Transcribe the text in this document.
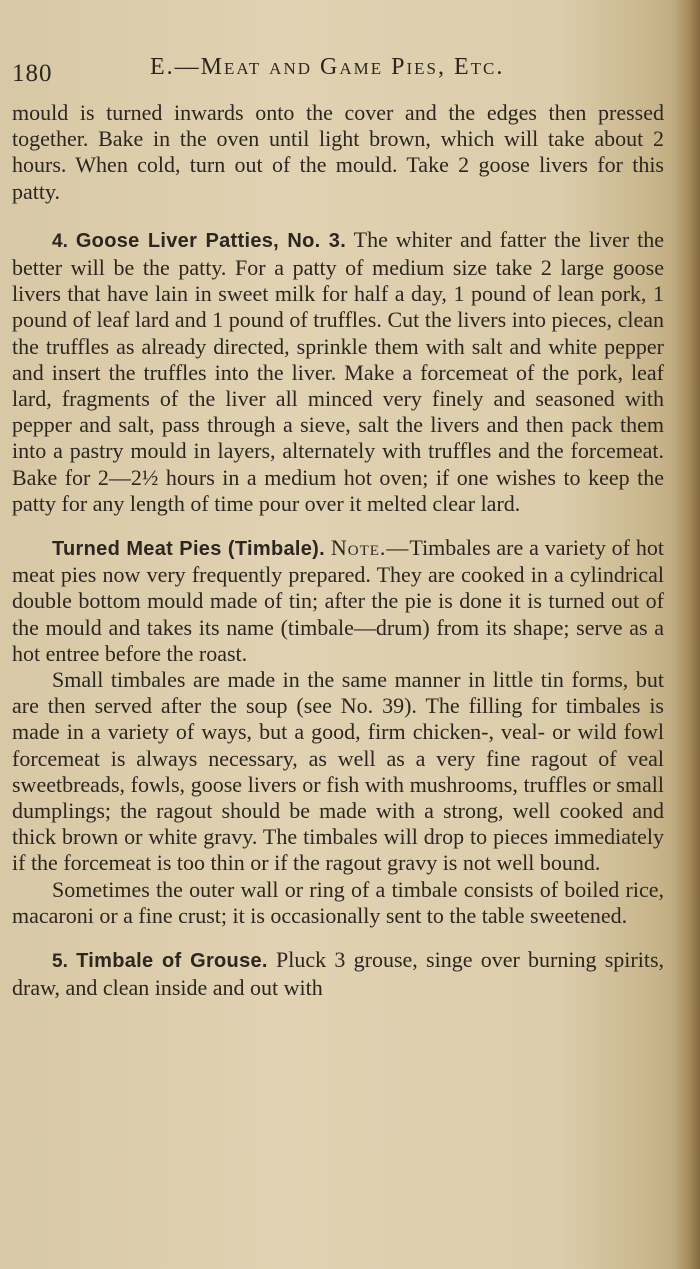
180	E.—Meat and Game Pies, Etc.

mould is turned inwards onto the cover and the edges then pressed together. Bake in the oven until light brown, which will take about 2 hours. When cold, turn out of the mould. Take 2 goose livers for this patty.

4. Goose Liver Patties, No. 3. The whiter and fatter the liver the better will be the patty. For a patty of medium size take 2 large goose livers that have lain in sweet milk for half a day, 1 pound of lean pork, 1 pound of leaf lard and 1 pound of truffles. Cut the livers into pieces, clean the truffles as already directed, sprinkle them with salt and white pepper and insert the truffles into the liver. Make a forcemeat of the pork, leaf lard, fragments of the liver all minced very finely and seasoned with pepper and salt, pass through a sieve, salt the livers and then pack them into a pastry mould in layers, alternately with truffles and the forcemeat. Bake for 2—2½ hours in a medium hot oven; if one wishes to keep the patty for any length of time pour over it melted clear lard.

Turned Meat Pies (Timbale). Note.—Timbales are a variety of hot meat pies now very frequently prepared. They are cooked in a cylindrical double bottom mould made of tin; after the pie is done it is turned out of the mould and takes its name (timbale—drum) from its shape; serve as a hot entree before the roast.

Small timbales are made in the same manner in little tin forms, but are then served after the soup (see No. 39). The filling for timbales is made in a variety of ways, but a good, firm chicken-, veal- or wild fowl forcemeat is always necessary, as well as a very fine ragout of veal sweetbreads, fowls, goose livers or fish with mushrooms, truffles or small dumplings; the ragout should be made with a strong, well cooked and thick brown or white gravy. The timbales will drop to pieces immediately if the forcemeat is too thin or if the ragout gravy is not well bound.

Sometimes the outer wall or ring of a timbale consists of boiled rice, macaroni or a fine crust; it is occasionally sent to the table sweetened.

5. Timbale of Grouse. Pluck 3 grouse, singe over burning spirits, draw, and clean inside and out with
